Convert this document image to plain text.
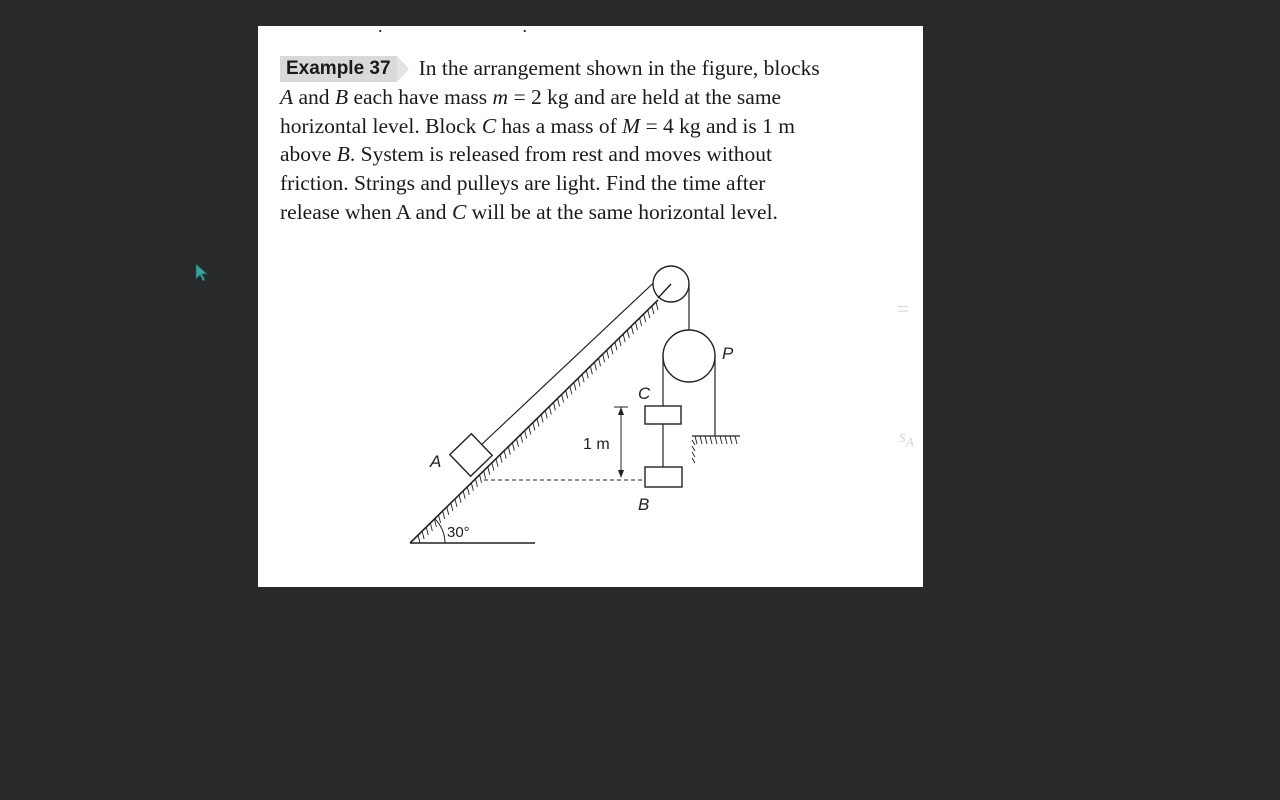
..
Example 37 In the arrangement shown in the figure, blocks
A and B each have mass m = 2 kg and are held at the same
horizontal level. Block C has a mass of M = 4 kg and is 1 m
above B. System is released from rest and moves without
friction. Strings and pulleys are light. Find the time after
release when A and C will be at the same horizontal level.
A
B
C
P
1 m
30°
=
$s_A$
